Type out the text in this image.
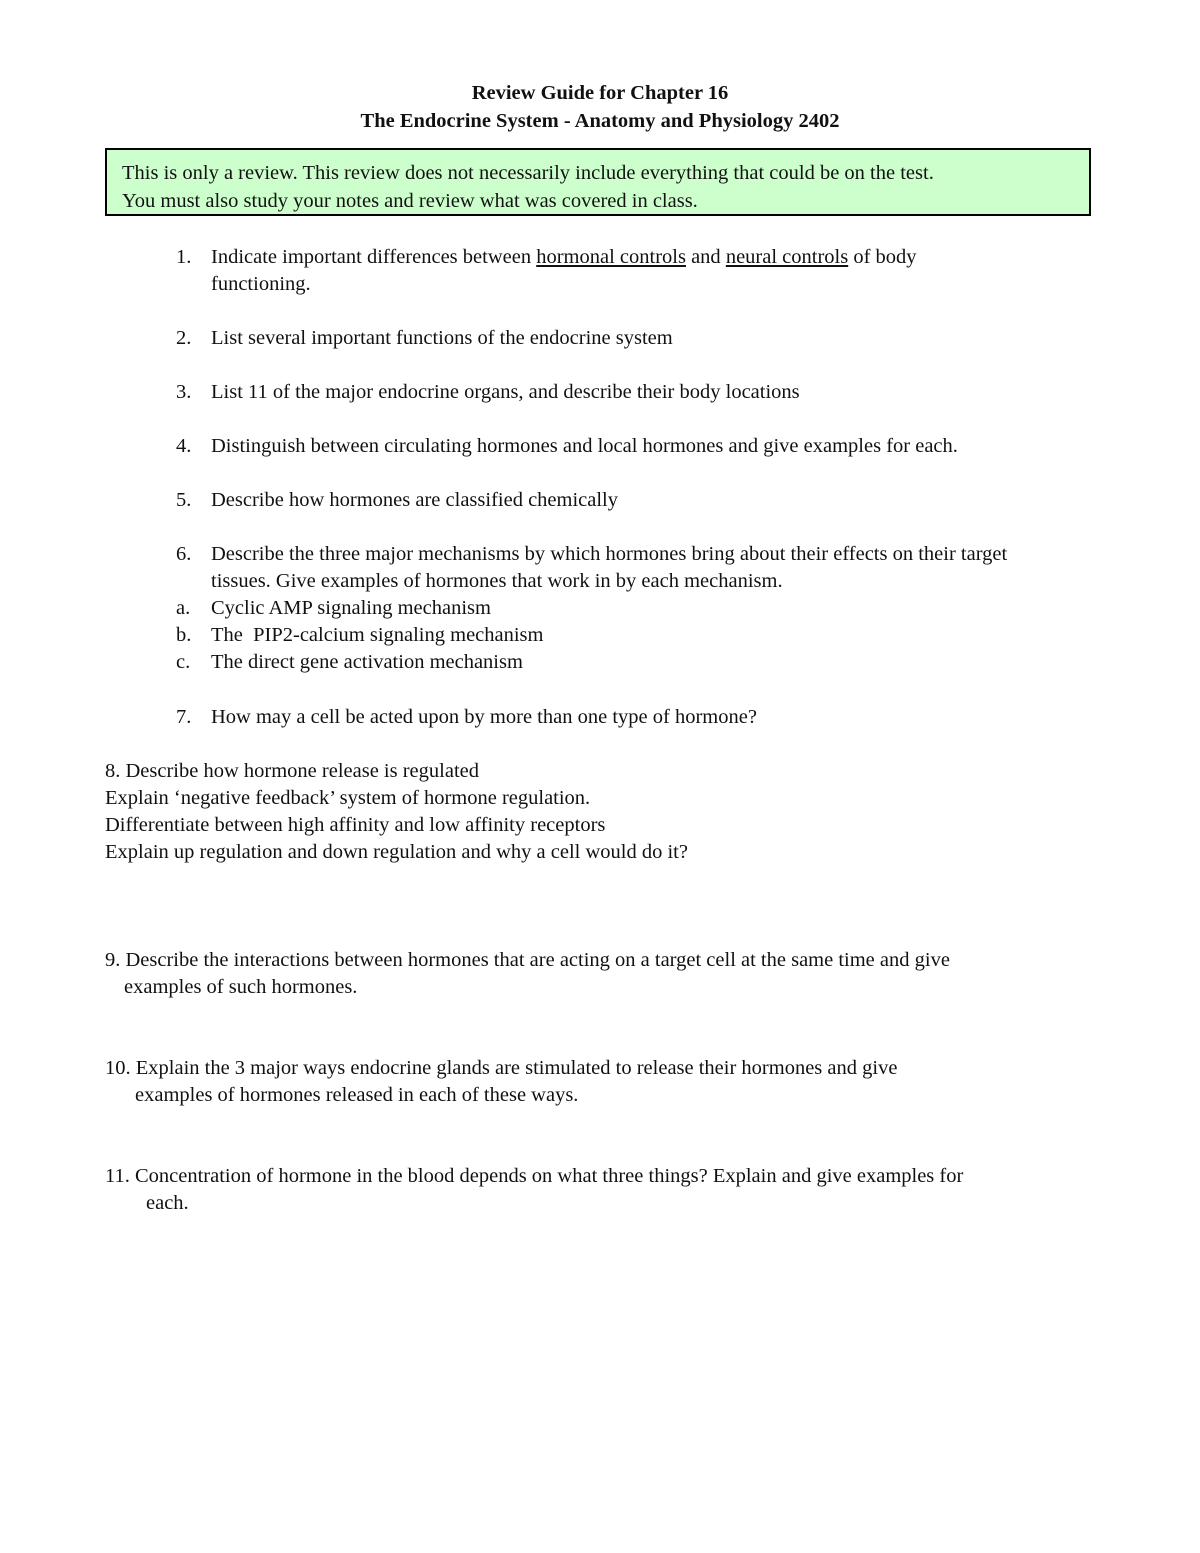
Review Guide for Chapter 16
The Endocrine System - Anatomy and Physiology 2402
This is only a review. This review does not necessarily include everything that could be on the test.
You must also study your notes and review what was covered in class.
1. Indicate important differences between hormonal controls and neural controls of body
functioning.
2. List several important functions of the endocrine system
3. List 11 of the major endocrine organs, and describe their body locations
4. Distinguish between circulating hormones and local hormones and give examples for each.
5. Describe how hormones are classified chemically
6. Describe the three major mechanisms by which hormones bring about their effects on their target
tissues. Give examples of hormones that work in by each mechanism.
a. Cyclic AMP signaling mechanism
b. The  PIP2-calcium signaling mechanism
c. The direct gene activation mechanism
7. How may a cell be acted upon by more than one type of hormone?
8. Describe how hormone release is regulated
Explain ‘negative feedback’ system of hormone regulation.
Differentiate between high affinity and low affinity receptors
Explain up regulation and down regulation and why a cell would do it?
9. Describe the interactions between hormones that are acting on a target cell at the same time and give
examples of such hormones.
10. Explain the 3 major ways endocrine glands are stimulated to release their hormones and give
examples of hormones released in each of these ways.
11. Concentration of hormone in the blood depends on what three things? Explain and give examples for
each.
